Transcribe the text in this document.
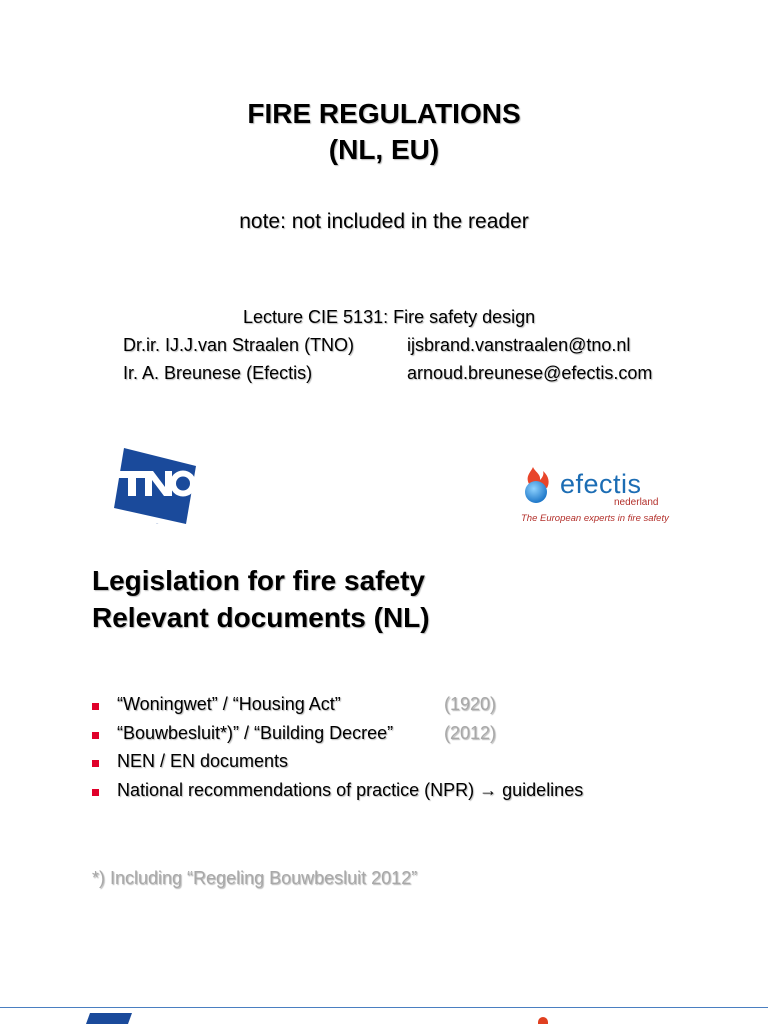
FIRE REGULATIONS
(NL, EU)
note: not included in the reader
Lecture CIE 5131: Fire safety design
Dr.ir. IJ.J.van Straalen (TNO)	ijsbrand.vanstraalen@tno.nl
Ir. A. Breunese (Efectis)	arnoud.breunese@efectis.com
TNO
efectis
nederland
The European experts in fire safety
Legislation for fire safety
Relevant documents (NL)
“Woningwet” / “Housing Act”	(1920)
“Bouwbesluit*)” / “Building Decree”	(2012)
NEN / EN documents
National recommendations of practice (NPR) → guidelines
*) Including “Regeling Bouwbesluit 2012”
